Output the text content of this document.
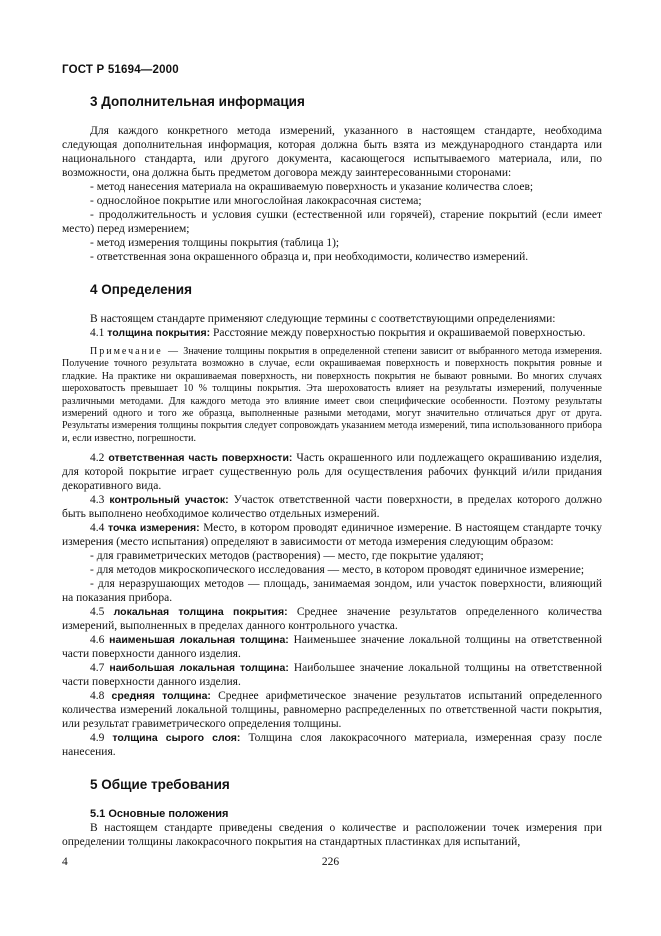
ГОСТ Р 51694—2000

3 Дополнительная информация

Для каждого конкретного метода измерений, указанного в настоящем стандарте, необходима следующая дополнительная информация, которая должна быть взята из международного стандарта или национального стандарта, или другого документа, касающегося испытываемого материала, или, по возможности, она должна быть предметом договора между заинтересованными сторонами:

- метод нанесения материала на окрашиваемую поверхность и указание количества слоев;

- однослойное покрытие или многослойная лакокрасочная система;

- продолжительность и условия сушки (естественной или горячей), старение покрытий (если имеет место) перед измерением;

- метод измерения толщины покрытия (таблица 1);

- ответственная зона окрашенного образца и, при необходимости, количество измерений.

4 Определения

В настоящем стандарте применяют следующие термины с соответствующими определениями:

4.1 толщина покрытия: Расстояние между поверхностью покрытия и окрашиваемой поверхностью.

Примечание — Значение толщины покрытия в определенной степени зависит от выбранного метода измерения. Получение точного результата возможно в случае, если окрашиваемая поверхность и поверхность покрытия ровные и гладкие. На практике ни окрашиваемая поверхность, ни поверхность покрытия не бывают ровными. Во многих случаях шероховатость превышает 10 % толщины покрытия. Эта шероховатость влияет на результаты измерений, полученные различными методами. Для каждого метода это влияние имеет свои специфические особенности. Поэтому результаты измерений одного и того же образца, выполненные разными методами, могут значительно отличаться друг от друга. Результаты измерения толщины покрытия следует сопровождать указанием метода измерений, типа использованного прибора и, если известно, погрешности.

4.2 ответственная часть поверхности: Часть окрашенного или подлежащего окрашиванию изделия, для которой покрытие играет существенную роль для осуществления рабочих функций и/или придания декоративного вида.

4.3 контрольный участок: Участок ответственной части поверхности, в пределах которого должно быть выполнено необходимое количество отдельных измерений.

4.4 точка измерения: Место, в котором проводят единичное измерение. В настоящем стандарте точку измерения (место испытания) определяют в зависимости от метода измерения следующим образом:

- для гравиметрических методов (растворения) — место, где покрытие удаляют;

- для методов микроскопического исследования — место, в котором проводят единичное измерение;

- для неразрушающих методов — площадь, занимаемая зондом, или участок поверхности, влияющий на показания прибора.

4.5 локальная толщина покрытия: Среднее значение результатов определенного количества измерений, выполненных в пределах данного контрольного участка.

4.6 наименьшая локальная толщина: Наименьшее значение локальной толщины на ответственной части поверхности данного изделия.

4.7 наибольшая локальная толщина: Наибольшее значение локальной толщины на ответственной части поверхности данного изделия.

4.8 средняя толщина: Среднее арифметическое значение результатов испытаний определенного количества измерений локальной толщины, равномерно распределенных по ответственной части покрытия, или результат гравиметрического определения толщины.

4.9 толщина сырого слоя: Толщина слоя лакокрасочного материала, измеренная сразу после нанесения.

5 Общие требования

5.1 Основные положения

В настоящем стандарте приведены сведения о количестве и расположении точек измерения при определении толщины лакокрасочного покрытия на стандартных пластинках для испытаний,

4	226
